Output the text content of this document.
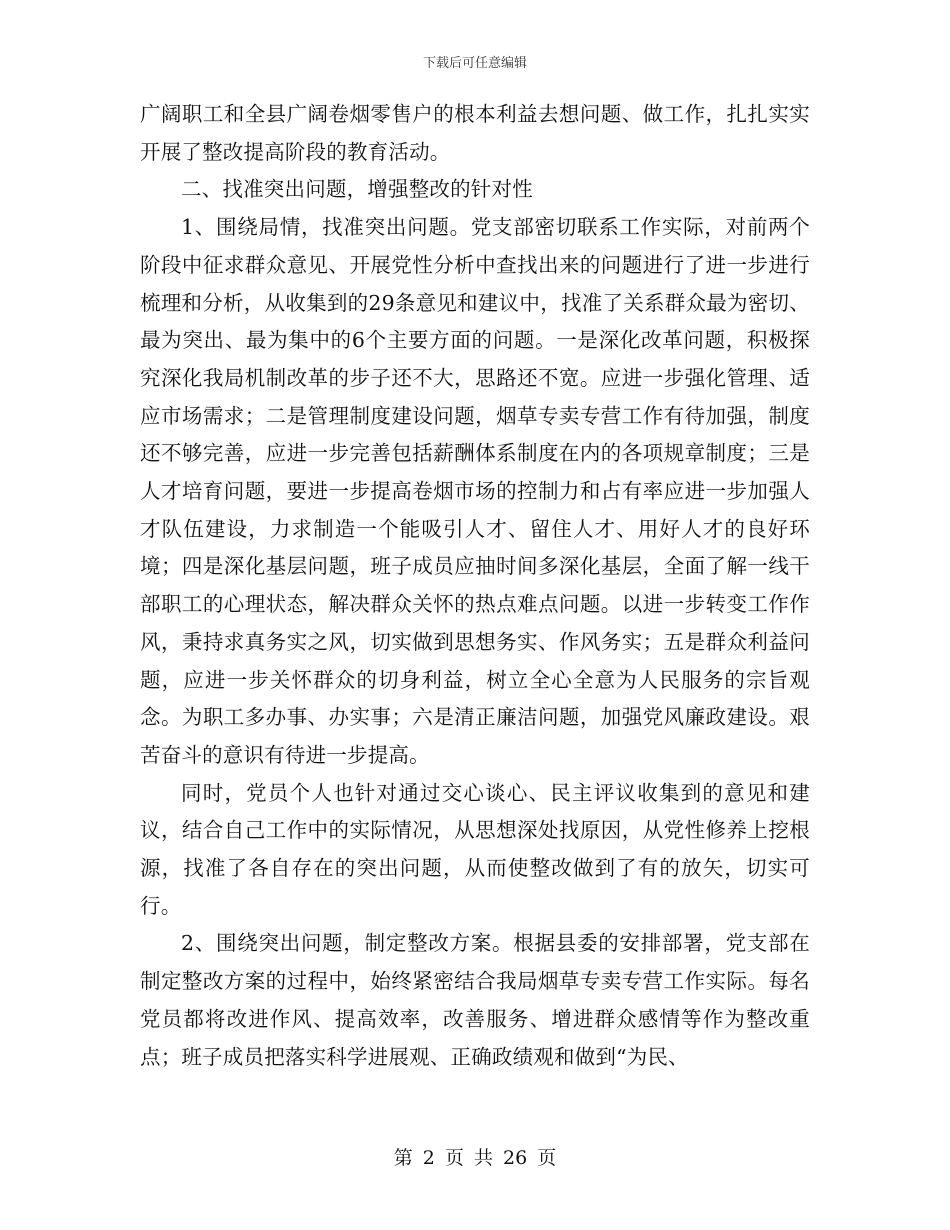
下载后可任意编辑

广阔职工和全县广阔卷烟零售户的根本利益去想问题、做工作，扎扎实实开展了整改提高阶段的教育活动。

二、找准突出问题，增强整改的针对性

1、围绕局情，找准突出问题。党支部密切联系工作实际，对前两个阶段中征求群众意见、开展党性分析中查找出来的问题进行了进一步进行梳理和分析，从收集到的29条意见和建议中，找准了关系群众最为密切、最为突出、最为集中的6个主要方面的问题。一是深化改革问题，积极探究深化我局机制改革的步子还不大，思路还不宽。应进一步强化管理、适应市场需求；二是管理制度建设问题，烟草专卖专营工作有待加强，制度还不够完善，应进一步完善包括薪酬体系制度在内的各项规章制度；三是人才培育问题，要进一步提高卷烟市场的控制力和占有率应进一步加强人才队伍建设，力求制造一个能吸引人才、留住人才、用好人才的良好环境；四是深化基层问题，班子成员应抽时间多深化基层，全面了解一线干部职工的心理状态，解决群众关怀的热点难点问题。以进一步转变工作作风，秉持求真务实之风，切实做到思想务实、作风务实；五是群众利益问题，应进一步关怀群众的切身利益，树立全心全意为人民服务的宗旨观念。为职工多办事、办实事；六是清正廉洁问题，加强党风廉政建设。艰苦奋斗的意识有待进一步提高。

同时，党员个人也针对通过交心谈心、民主评议收集到的意见和建议，结合自己工作中的实际情况，从思想深处找原因，从党性修养上挖根源，找准了各自存在的突出问题，从而使整改做到了有的放矢，切实可行。

2、围绕突出问题，制定整改方案。根据县委的安排部署，党支部在制定整改方案的过程中，始终紧密结合我局烟草专卖专营工作实际。每名党员都将改进作风、提高效率，改善服务、增进群众感情等作为整改重点；班子成员把落实科学进展观、正确政绩观和做到“为民、

第 2 页 共 26 页
